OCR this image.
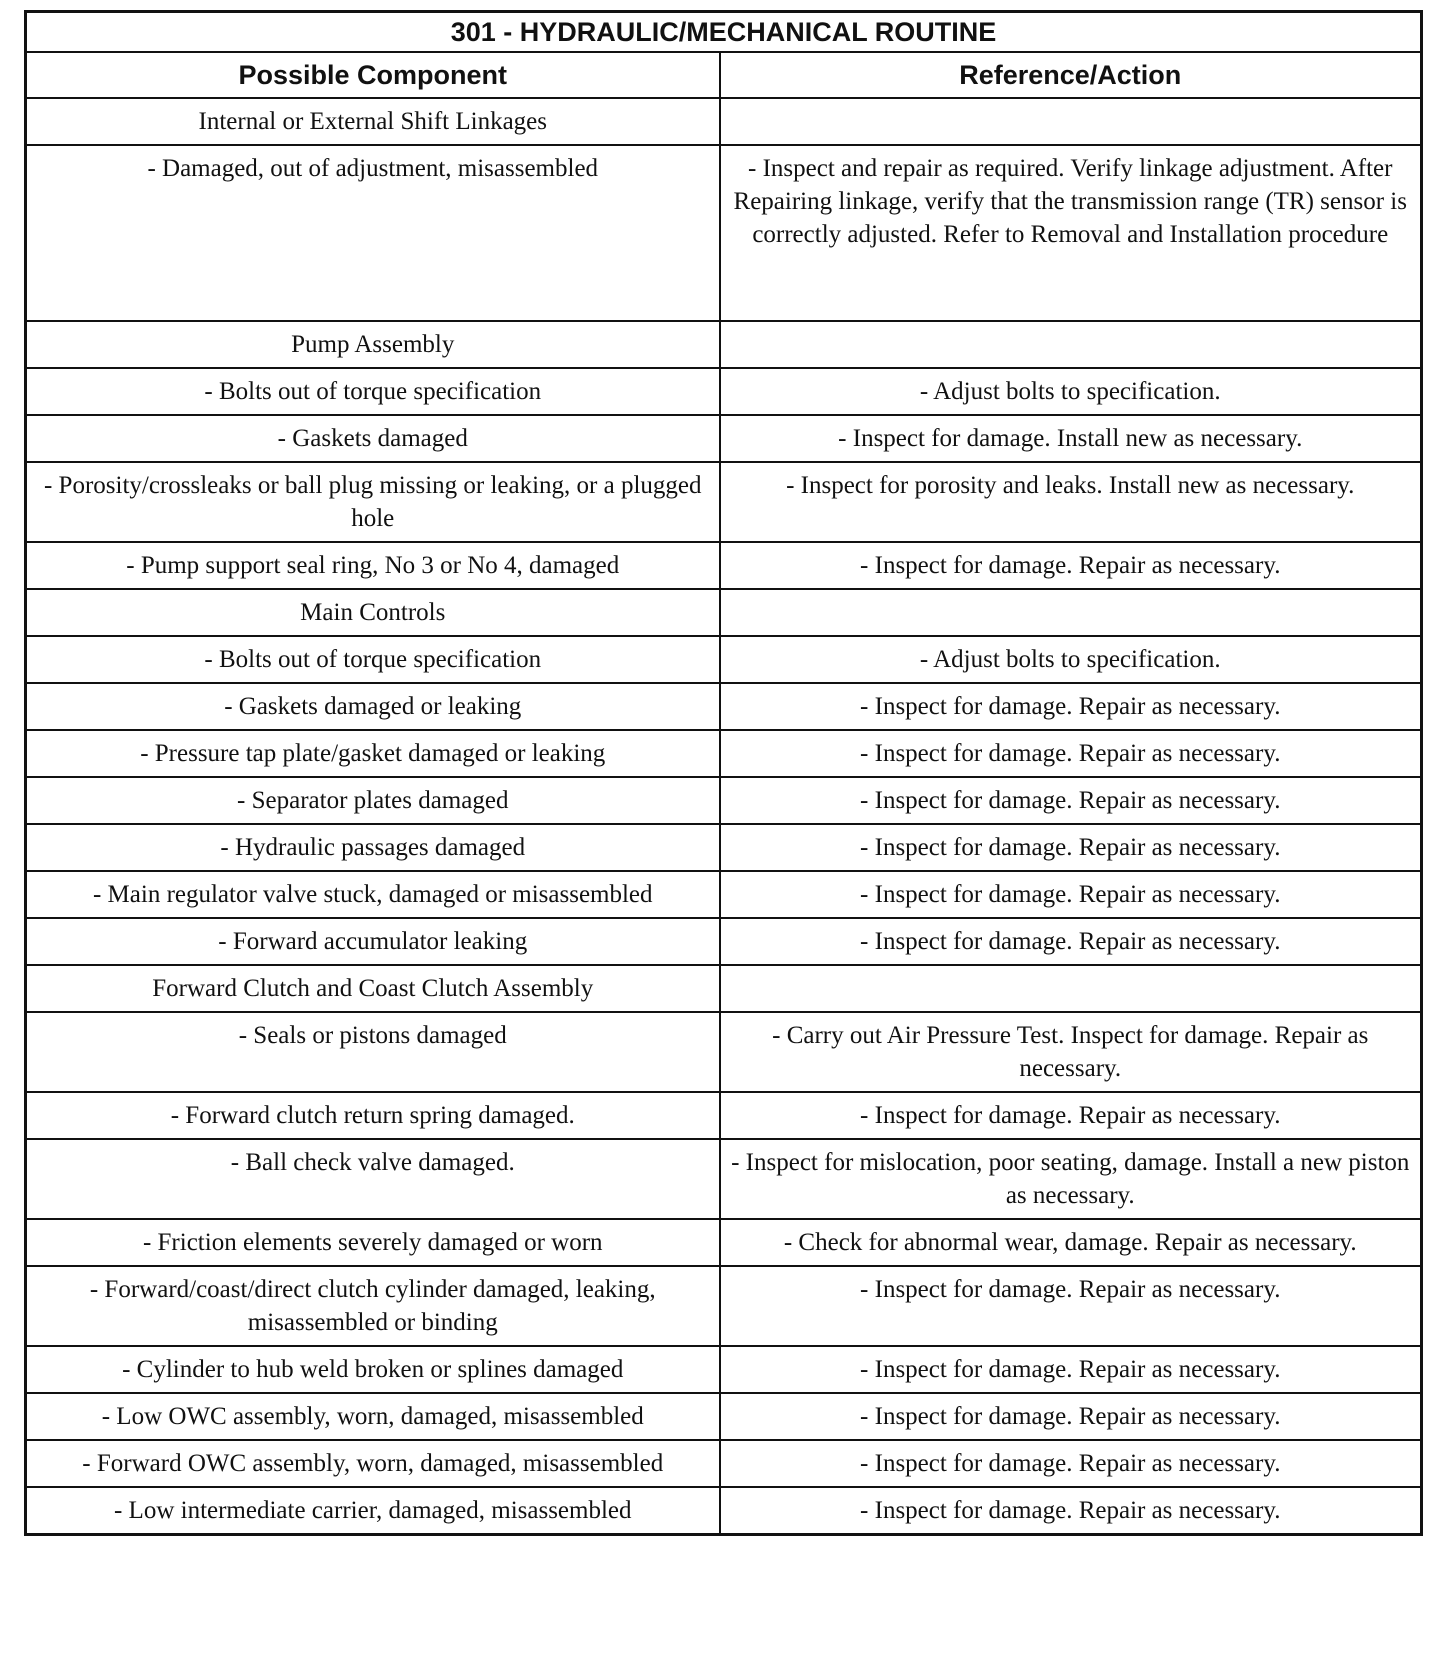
301 - HYDRAULIC/MECHANICAL ROUTINE	
Possible Component	Reference/Action
Internal or External Shift Linkages	
- Damaged, out of adjustment, misassembled	- Inspect and repair as required. Verify linkage adjustment. After Repairing linkage, verify that the transmission range (TR) sensor is correctly adjusted. Refer to Removal and Installation procedure
Pump Assembly	
- Bolts out of torque specification	- Adjust bolts to specification.
- Gaskets damaged	- Inspect for damage. Install new as necessary.
- Porosity/crossleaks or ball plug missing or leaking, or a plugged hole	- Inspect for porosity and leaks. Install new as necessary.
- Pump support seal ring, No 3 or No 4, damaged	- Inspect for damage. Repair as necessary.
Main Controls	
- Bolts out of torque specification	- Adjust bolts to specification.
- Gaskets damaged or leaking	- Inspect for damage. Repair as necessary.
- Pressure tap plate/gasket damaged or leaking	- Inspect for damage. Repair as necessary.
- Separator plates damaged	- Inspect for damage. Repair as necessary.
- Hydraulic passages damaged	- Inspect for damage. Repair as necessary.
- Main regulator valve stuck, damaged or misassembled	- Inspect for damage. Repair as necessary.
- Forward accumulator leaking	- Inspect for damage. Repair as necessary.
Forward Clutch and Coast Clutch Assembly	
- Seals or pistons damaged	- Carry out Air Pressure Test. Inspect for damage. Repair as necessary.
- Forward clutch return spring damaged.	- Inspect for damage. Repair as necessary.
- Ball check valve damaged.	- Inspect for mislocation, poor seating, damage. Install a new piston as necessary.
- Friction elements severely damaged or worn	- Check for abnormal wear, damage. Repair as necessary.
- Forward/coast/direct clutch cylinder damaged, leaking, misassembled or binding	- Inspect for damage. Repair as necessary.
- Cylinder to hub weld broken or splines damaged	- Inspect for damage. Repair as necessary.
- Low OWC assembly, worn, damaged, misassembled	- Inspect for damage. Repair as necessary.
- Forward OWC assembly, worn, damaged, misassembled	- Inspect for damage. Repair as necessary.
- Low intermediate carrier, damaged, misassembled	- Inspect for damage. Repair as necessary.
